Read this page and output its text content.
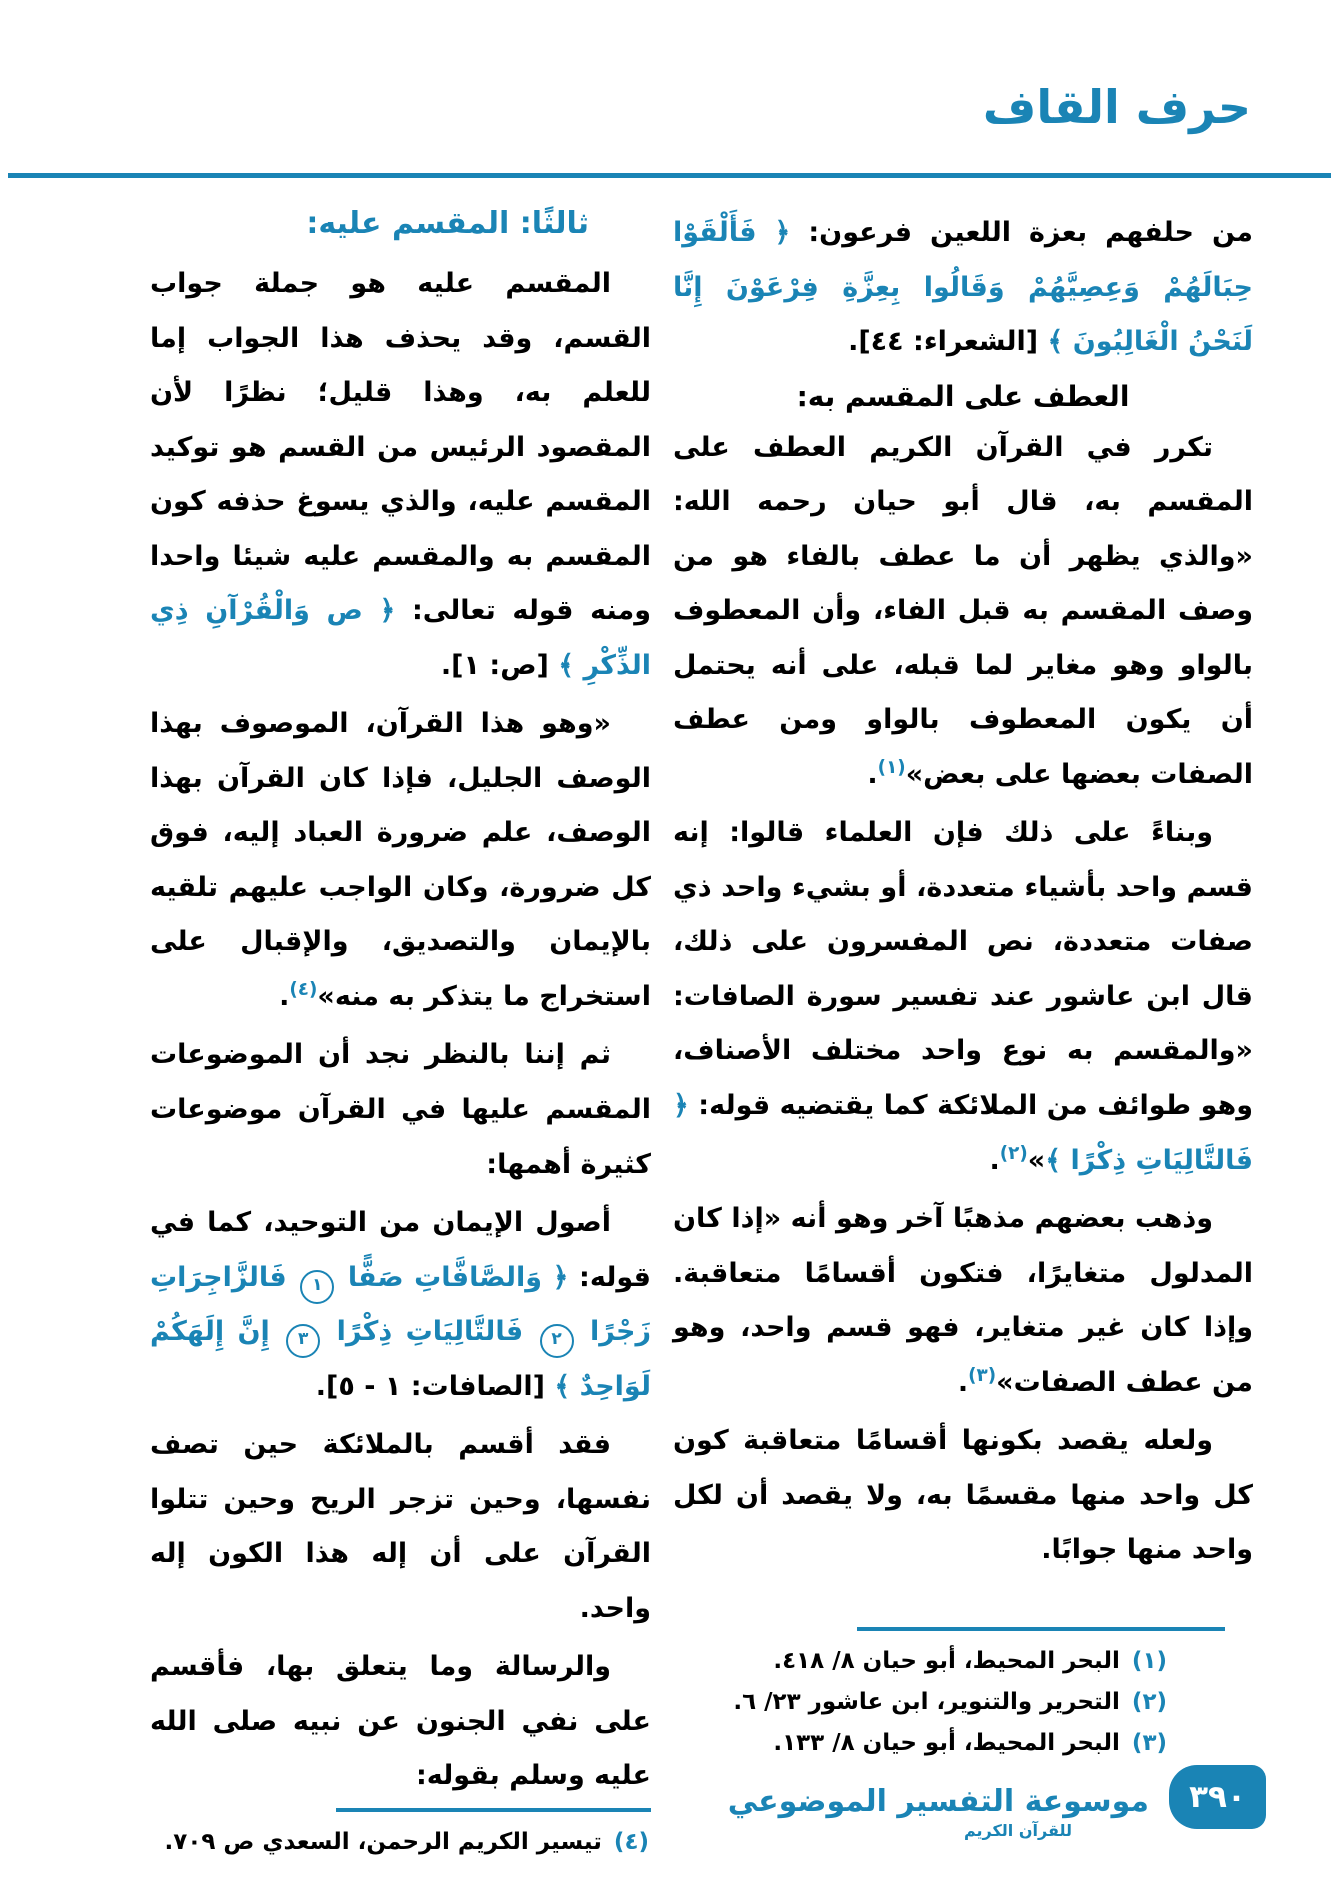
حرف القاف

من حلفهم بعزة اللعين فرعون: ﴿ فَأَلْقَوْا حِبَالَهُمْ وَعِصِيَّهُمْ وَقَالُوا بِعِزَّةِ فِرْعَوْنَ إِنَّا لَنَحْنُ الْغَالِبُونَ ﴾ [الشعراء: ٤٤].

العطف على المقسم به:

تكرر في القرآن الكريم العطف على المقسم به، قال أبو حيان رحمه الله: «والذي يظهر أن ما عطف بالفاء هو من وصف المقسم به قبل الفاء، وأن المعطوف بالواو وهو مغاير لما قبله، على أنه يحتمل أن يكون المعطوف بالواو ومن عطف الصفات بعضها على بعض»$^{(١)}$.

وبناءً على ذلك فإن العلماء قالوا: إنه قسم واحد بأشياء متعددة، أو بشيء واحد ذي صفات متعددة، نص المفسرون على ذلك، قال ابن عاشور عند تفسير سورة الصافات: «والمقسم به نوع واحد مختلف الأصناف، وهو طوائف من الملائكة كما يقتضيه قوله: ﴿ فَالتَّالِيَاتِ ذِكْرًا ﴾»$^{(٢)}$.

وذهب بعضهم مذهبًا آخر وهو أنه «إذا كان المدلول متغايرًا، فتكون أقسامًا متعاقبة. وإذا كان غير متغاير، فهو قسم واحد، وهو من عطف الصفات»$^{(٣)}$.

ولعله يقصد بكونها أقسامًا متعاقبة كون كل واحد منها مقسمًا به، ولا يقصد أن لكل واحد منها جوابًا.

(١)
البحر المحيط، أبو حيان ٨/ ٤١٨.
(٢)
التحرير والتنوير، ابن عاشور ٢٣/ ٦.
(٣)
البحر المحيط، أبو حيان ٨/ ١٣٣.
ثالثًا: المقسم عليه:

المقسم عليه هو جملة جواب القسم، وقد يحذف هذا الجواب إما للعلم به، وهذا قليل؛ نظرًا لأن المقصود الرئيس من القسم هو توكيد المقسم عليه، والذي يسوغ حذفه كون المقسم به والمقسم عليه شيئا واحدا ومنه قوله تعالى: ﴿ ص وَالْقُرْآنِ ذِي الذِّكْرِ ﴾ [ص: ١].

«وهو هذا القرآن، الموصوف بهذا الوصف الجليل، فإذا كان القرآن بهذا الوصف، علم ضرورة العباد إليه، فوق كل ضرورة، وكان الواجب عليهم تلقيه بالإيمان والتصديق، والإقبال على استخراج ما يتذكر به منه»$^{(٤)}$.

ثم إننا بالنظر نجد أن الموضوعات المقسم عليها في القرآن موضوعات كثيرة أهمها:

أصول الإيمان من التوحيد، كما في قوله: ﴿ وَالصَّافَّاتِ صَفًّا ١ فَالزَّاجِرَاتِ زَجْرًا ٢ فَالتَّالِيَاتِ ذِكْرًا ٣ إِنَّ إِلَهَكُمْ لَوَاحِدٌ ﴾ [الصافات: ١ - ٥].

فقد أقسم بالملائكة حين تصف نفسها، وحين تزجر الريح وحين تتلوا القرآن على أن إله هذا الكون إله واحد.

والرسالة وما يتعلق بها، فأقسم على نفي الجنون عن نبيه صلى الله عليه وسلم بقوله:

(٤)
تيسير الكريم الرحمن، السعدي ص ٧٠٩.
موسوعة التفسير الموضوعي
للقرآن الكريم
٣٩٠
